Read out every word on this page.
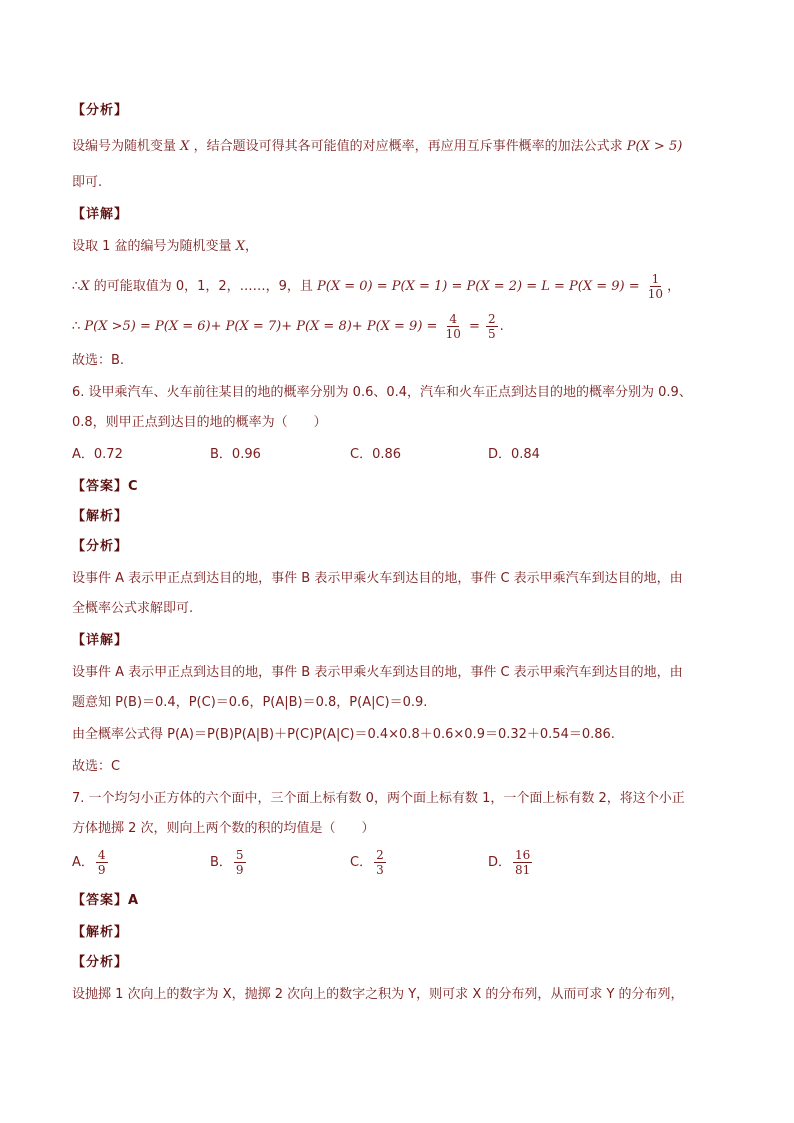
【分析】
设编号为随机变量 X ，结合题设可得其各可能值的对应概率，再应用互斥事件概率的加法公式求 P(X > 5)
即可.
【详解】
设取 1 盆的编号为随机变量 X，
∴X 的可能取值为 0，1，2，……，9，且 $P(X = 0) = P(X = 1) = P(X = 2) = L = P(X = 9) = \frac{1}{10}$ ，
∴ $P(X >5) = P(X = 6)+ P(X = 7)+ P(X = 8)+ P(X = 9) = \frac{4}{10} = \frac{2}{5}$ .
故选：B.
6. 设甲乘汽车、火车前往某目的地的概率分别为 0.6、0.4，汽车和火车正点到达目的地的概率分别为 0.9、
0.8，则甲正点到达目的地的概率为（　　）
A．0.72	B．0.96	C．0.86	D．0.84
【答案】C
【解析】
【分析】
设事件 A 表示甲正点到达目的地，事件 B 表示甲乘火车到达目的地，事件 C 表示甲乘汽车到达目的地，由
全概率公式求解即可.
【详解】
设事件 A 表示甲正点到达目的地，事件 B 表示甲乘火车到达目的地，事件 C 表示甲乘汽车到达目的地，由
题意知 P(B)＝0.4，P(C)＝0.6，P(A|B)＝0.8，P(A|C)＝0.9.
由全概率公式得 P(A)＝P(B)P(A|B)＋P(C)P(A|C)＝0.4×0.8＋0.6×0.9＝0.32＋0.54＝0.86.
故选：C
7. 一个均匀小正方体的六个面中，三个面上标有数 0，两个面上标有数 1，一个面上标有数 2，将这个小正
方体抛掷 2 次，则向上两个数的积的均值是（　　）
A． $\frac{4}{9}$	B． $\frac{5}{9}$	C． $\frac{2}{3}$	D． $\frac{16}{81}$
【答案】A
【解析】
【分析】
设抛掷 1 次向上的数字为 X，抛掷 2 次向上的数字之积为 Y，则可求 X 的分布列，从而可求 Y 的分布列，
